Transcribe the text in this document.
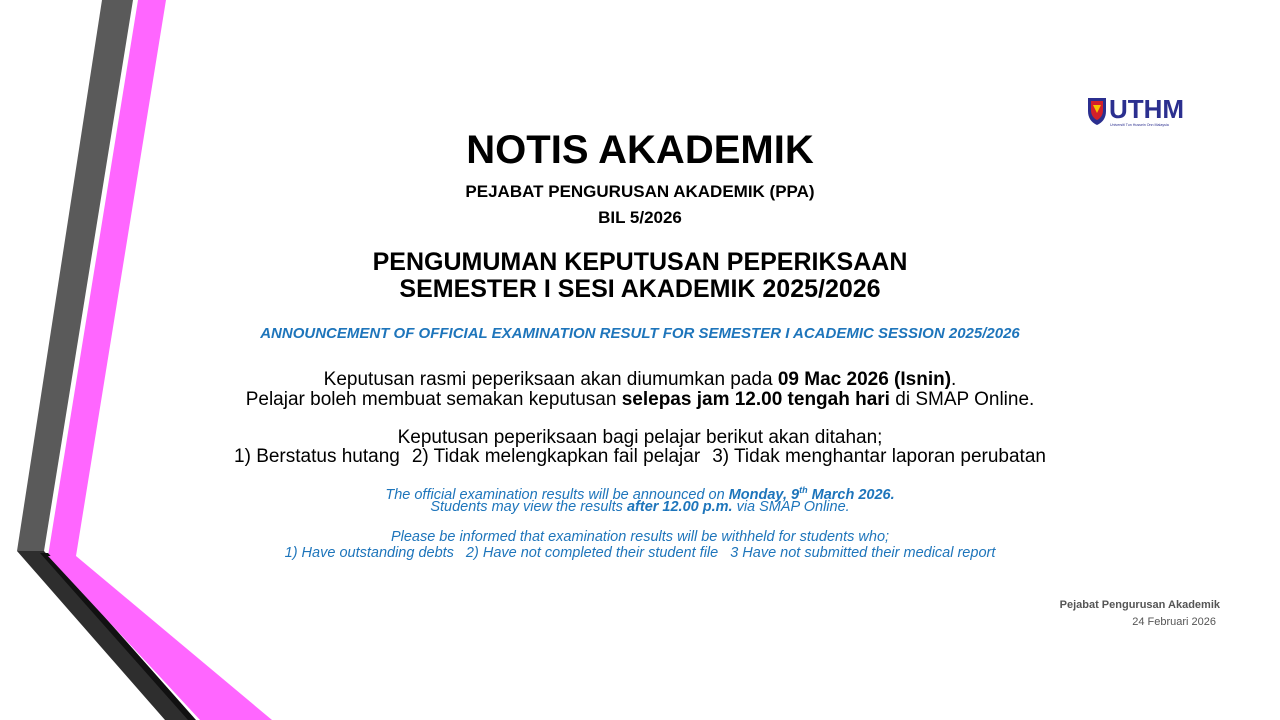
UTHM
Universiti Tun Hussein Onn Malaysia
NOTIS AKADEMIK
PEJABAT PENGURUSAN AKADEMIK (PPA)
BIL 5/2026
PENGUMUMAN KEPUTUSAN PEPERIKSAAN
SEMESTER I SESI AKADEMIK 2025/2026
ANNOUNCEMENT OF OFFICIAL EXAMINATION RESULT FOR SEMESTER I ACADEMIC SESSION 2025/2026
Keputusan rasmi peperiksaan akan diumumkan pada 09 Mac 2026 (Isnin).
Pelajar boleh membuat semakan keputusan selepas jam 12.00 tengah hari di SMAP Online.
Keputusan peperiksaan bagi pelajar berikut akan ditahan;
1) Berstatus hutang 2) Tidak melengkapkan fail pelajar 3) Tidak menghantar laporan perubatan
The official examination results will be announced on Monday, 9th March 2026.
Students may view the results after 12.00 p.m. via SMAP Online.
Please be informed that examination results will be withheld for students who;
1) Have outstanding debts 2) Have not completed their student file 3 Have not submitted their medical report
Pejabat Pengurusan Akademik
24 Februari 2026
